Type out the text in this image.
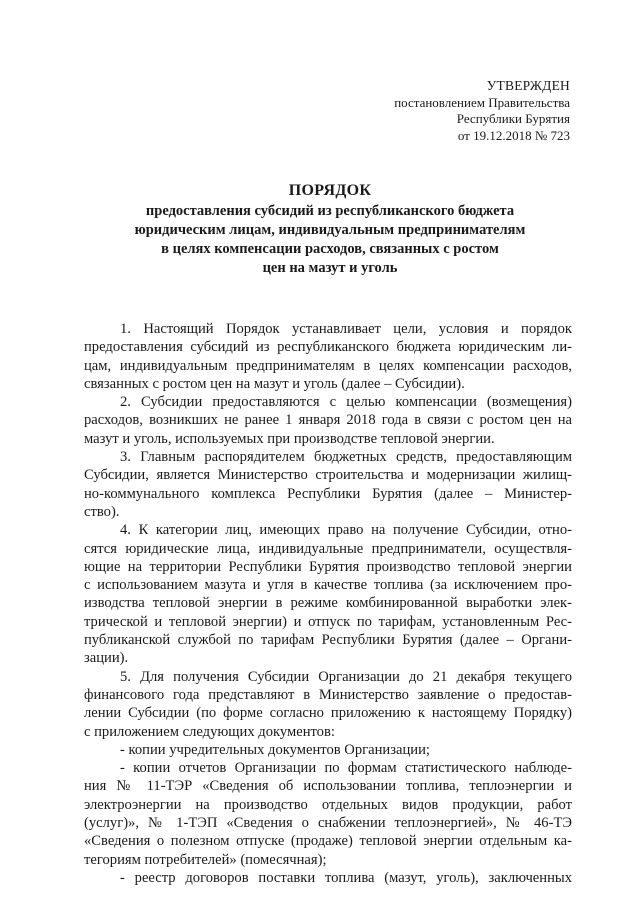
УТВЕРЖДЕН
постановлением Правительства
Республики Бурятия
от 19.12.2018 № 723
ПОРЯДОК
предоставления субсидий из республиканского бюджета
юридическим лицам, индивидуальным предпринимателям
в целях компенсации расходов, связанных с ростом
цен на мазут и уголь
1. Настоящий Порядок устанавливает цели, условия и порядок
предоставления субсидий из республиканского бюджета юридическим ли-
цам, индивидуальным предпринимателям в целях компенсации расходов,
связанных с ростом цен на мазут и уголь (далее – Субсидии).
2. Субсидии предоставляются с целью компенсации (возмещения)
расходов, возникших не ранее 1 января 2018 года в связи с ростом цен на
мазут и уголь, используемых при производстве тепловой энергии.
3. Главным распорядителем бюджетных средств, предоставляющим
Субсидии, является Министерство строительства и модернизации жилищ-
но-коммунального комплекса Республики Бурятия (далее – Министер-
ство).
4. К категории лиц, имеющих право на получение Субсидии, отно-
сятся юридические лица, индивидуальные предприниматели, осуществля-
ющие на территории Республики Бурятия производство тепловой энергии
с использованием мазута и угля в качестве топлива (за исключением про-
изводства тепловой энергии в режиме комбинированной выработки элек-
трической и тепловой энергии) и отпуск по тарифам, установленным Рес-
публиканской службой по тарифам Республики Бурятия (далее – Органи-
зации).
5. Для получения Субсидии Организации до 21 декабря текущего
финансового года представляют в Министерство заявление о предостав-
лении Субсидии (по форме согласно приложению к настоящему Порядку)
с приложением следующих документов:
- копии учредительных документов Организации;
- копии отчетов Организации по формам статистического наблюде-
ния № 11-ТЭР «Сведения об использовании топлива, теплоэнергии и
электроэнергии на производство отдельных видов продукции, работ
(услуг)», № 1-ТЭП «Сведения о снабжении теплоэнергией», № 46-ТЭ
«Сведения о полезном отпуске (продаже) тепловой энергии отдельным ка-
тегориям потребителей» (помесячная);
- реестр договоров поставки топлива (мазут, уголь), заключенных
